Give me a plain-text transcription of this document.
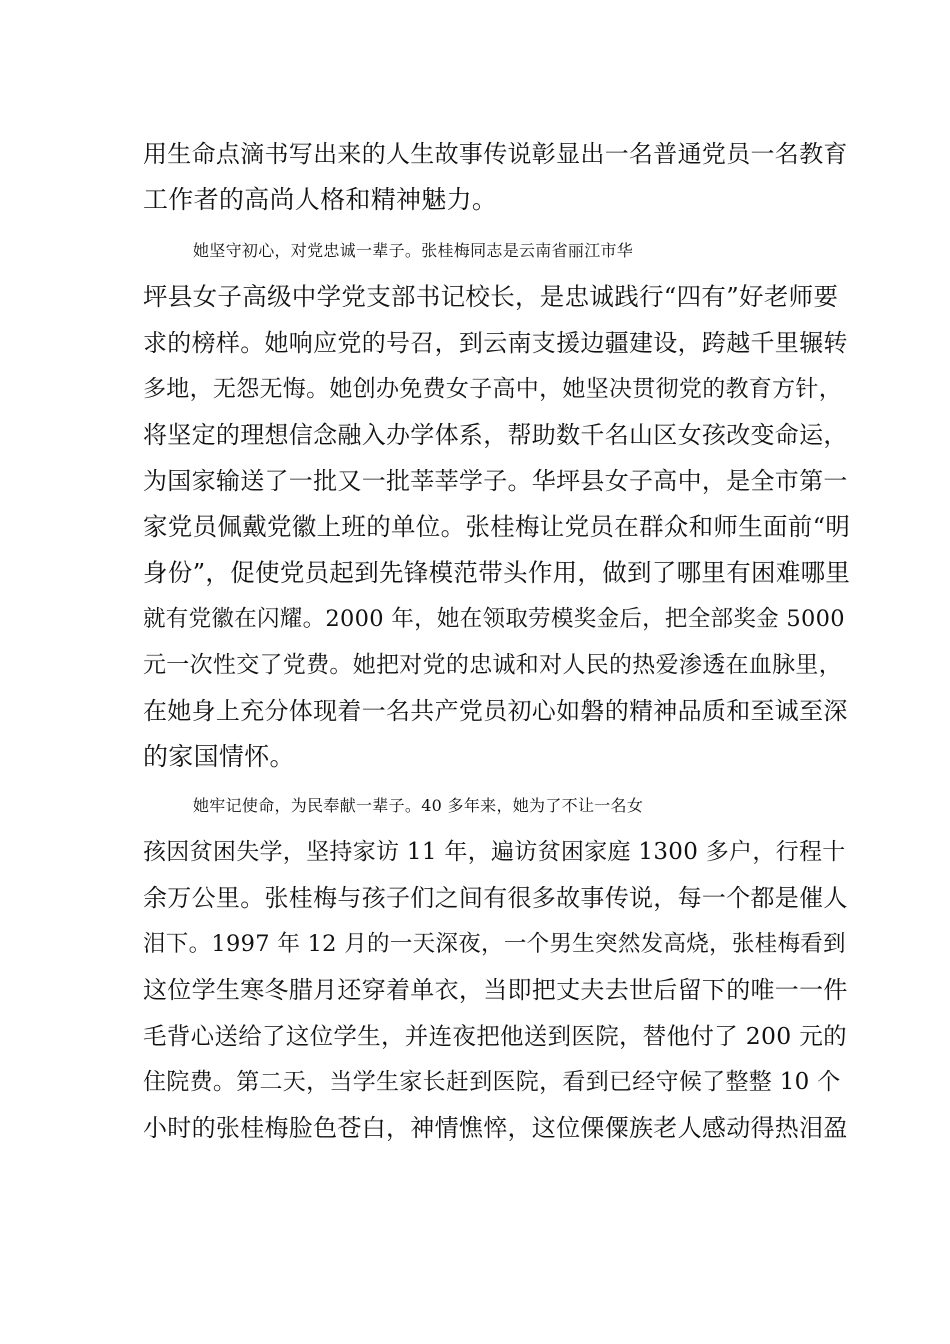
用生命点滴书写出来的人生故事传说彰显出一名普通党员一名教育
工作者的高尚人格和精神魅力。
她坚守初心，对党忠诚一辈子。张桂梅同志是云南省丽江市华
坪县女子高级中学党支部书记校长，是忠诚践行“四有”好老师要
求的榜样。她响应党的号召，到云南支援边疆建设，跨越千里辗转
多地，无怨无悔。她创办免费女子高中，她坚决贯彻党的教育方针，
将坚定的理想信念融入办学体系，帮助数千名山区女孩改变命运，
为国家输送了一批又一批莘莘学子。华坪县女子高中，是全市第一
家党员佩戴党徽上班的单位。张桂梅让党员在群众和师生面前“明
身份”，促使党员起到先锋模范带头作用，做到了哪里有困难哪里
就有党徽在闪耀。2000 年，她在领取劳模奖金后，把全部奖金 5000
元一次性交了党费。她把对党的忠诚和对人民的热爱渗透在血脉里，
在她身上充分体现着一名共产党员初心如磐的精神品质和至诚至深
的家国情怀。
她牢记使命，为民奉献一辈子。40 多年来，她为了不让一名女
孩因贫困失学，坚持家访 11 年，遍访贫困家庭 1300 多户，行程十
余万公里。张桂梅与孩子们之间有很多故事传说，每一个都是催人
泪下。1997 年 12 月的一天深夜，一个男生突然发高烧，张桂梅看到
这位学生寒冬腊月还穿着单衣，当即把丈夫去世后留下的唯一一件
毛背心送给了这位学生，并连夜把他送到医院，替他付了 200 元的
住院费。第二天，当学生家长赶到医院，看到已经守候了整整 10 个
小时的张桂梅脸色苍白，神情憔悴，这位傈僳族老人感动得热泪盈
